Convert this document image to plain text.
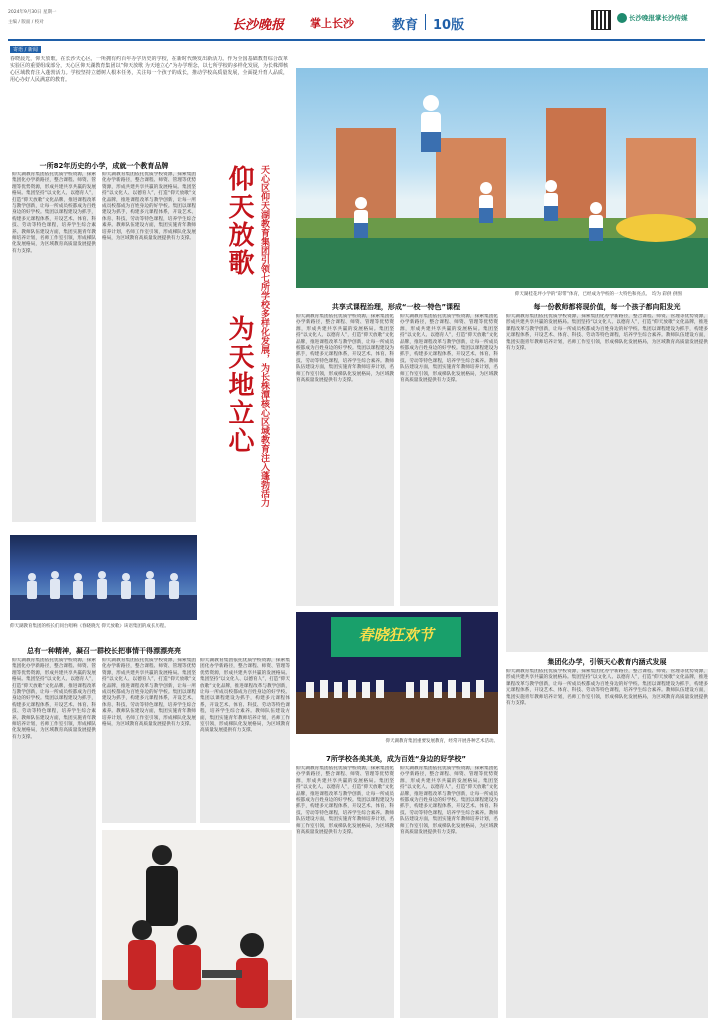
2024年9月30日 星期一
主编 / 版面 / 校对	长沙晚报 掌上长沙	教育 10版	长沙晚报掌长沙传媒
寄语 / 新闻
春晓晨光，仰天放歌。在长沙天心区，一所拥有约百年办学历史的学校，在新时代焕发出新活力。作为全国基础教育综合改革实验区的重要组成部分，天心区仰天湖教育集团以“仰天放歌 为天地立心”为办学理念，以七所学校的多样化发展，为长株潭核心区域教育注入蓬勃活力。学校坚持立德树人根本任务，关注每一个孩子的成长，推动学校高质量发展，全面提升育人品质，用心办好人民满意的教育。
仰天放歌
为天地立心 天心区仰天湖教育集团引领七所学校多样化发展，为长株潭核心区域教育注入蓬勃活力
一所82年历史的小学，成就一个教育品牌
仰天湖教育集团依托优质学校资源，探索集团化办学新路径，整合课程、师资、管理等优势资源，形成共建共享共赢的发展格局。集团坚持“以文化人、以德育人”，打造“仰天放歌”文化品牌，推进课程改革与教学创新，让每一所成员校都成为百姓身边的好学校。集团以课程建设为抓手，构建多元课程体系，开设艺术、体育、科技、劳动等特色课程，培养学生综合素养。教师队伍建设方面，集团实施青年教师培养计划，名师工作室引领，形成梯队化发展格局，为区域教育高质量发展提供有力支撑。
仰天湖教育集团依托优质学校资源，探索集团化办学新路径，整合课程、师资、管理等优势资源，形成共建共享共赢的发展格局。集团坚持“以文化人、以德育人”，打造“仰天放歌”文化品牌，推进课程改革与教学创新，让每一所成员校都成为百姓身边的好学校。集团以课程建设为抓手，构建多元课程体系，开设艺术、体育、科技、劳动等特色课程，培养学生综合素养。教师队伍建设方面，集团实施青年教师培养计划，名师工作室引领，形成梯队化发展格局，为区域教育高质量发展提供有力支撑。
仰天湖教育集团的校长们同台唱响《春晓晓光 仰天放歌》该语集团的成长历程。
总有一种精神，凝召一群校长把事情干得漂漂亮亮
仰天湖教育集团依托优质学校资源，探索集团化办学新路径，整合课程、师资、管理等优势资源，形成共建共享共赢的发展格局。集团坚持“以文化人、以德育人”，打造“仰天放歌”文化品牌，推进课程改革与教学创新，让每一所成员校都成为百姓身边的好学校。集团以课程建设为抓手，构建多元课程体系，开设艺术、体育、科技、劳动等特色课程，培养学生综合素养。教师队伍建设方面，集团实施青年教师培养计划，名师工作室引领，形成梯队化发展格局，为区域教育高质量发展提供有力支撑。
仰天湖教育集团依托优质学校资源，探索集团化办学新路径，整合课程、师资、管理等优势资源，形成共建共享共赢的发展格局。集团坚持“以文化人、以德育人”，打造“仰天放歌”文化品牌，推进课程改革与教学创新，让每一所成员校都成为百姓身边的好学校。集团以课程建设为抓手，构建多元课程体系，开设艺术、体育、科技、劳动等特色课程，培养学生综合素养。教师队伍建设方面，集团实施青年教师培养计划，名师工作室引领，形成梯队化发展格局，为区域教育高质量发展提供有力支撑。
仰天湖教育集团依托优质学校资源，探索集团化办学新路径，整合课程、师资、管理等优势资源，形成共建共享共赢的发展格局。集团坚持“以文化人、以德育人”，打造“仰天放歌”文化品牌，推进课程改革与教学创新，让每一所成员校都成为百姓身边的好学校。集团以课程建设为抓手，构建多元课程体系，开设艺术、体育、科技、劳动等特色课程，培养学生综合素养。教师队伍建设方面，集团实施青年教师培养计划，名师工作室引领，形成梯队化发展格局，为区域教育高质量发展提供有力支撑。
仰天湖桂花坪小学的“彩带”体育，已经成为学校的一大特色和亮点。 均为 彩供 供图
共享式课程治理，形成“一校一特色”课程
仰天湖教育集团依托优质学校资源，探索集团化办学新路径，整合课程、师资、管理等优势资源，形成共建共享共赢的发展格局。集团坚持“以文化人、以德育人”，打造“仰天放歌”文化品牌，推进课程改革与教学创新，让每一所成员校都成为百姓身边的好学校。集团以课程建设为抓手，构建多元课程体系，开设艺术、体育、科技、劳动等特色课程，培养学生综合素养。教师队伍建设方面，集团实施青年教师培养计划，名师工作室引领，形成梯队化发展格局，为区域教育高质量发展提供有力支撑。
仰天湖教育集团依托优质学校资源，探索集团化办学新路径，整合课程、师资、管理等优势资源，形成共建共享共赢的发展格局。集团坚持“以文化人、以德育人”，打造“仰天放歌”文化品牌，推进课程改革与教学创新，让每一所成员校都成为百姓身边的好学校。集团以课程建设为抓手，构建多元课程体系，开设艺术、体育、科技、劳动等特色课程，培养学生综合素养。教师队伍建设方面，集团实施青年教师培养计划，名师工作室引领，形成梯队化发展格局，为区域教育高质量发展提供有力支撑。
春晓狂欢节
仰天湖教育集团重要发展教育，经常开展各种艺术活动。
7所学校各美其美，成为百姓“身边的好学校”
仰天湖教育集团依托优质学校资源，探索集团化办学新路径，整合课程、师资、管理等优势资源，形成共建共享共赢的发展格局。集团坚持“以文化人、以德育人”，打造“仰天放歌”文化品牌，推进课程改革与教学创新，让每一所成员校都成为百姓身边的好学校。集团以课程建设为抓手，构建多元课程体系，开设艺术、体育、科技、劳动等特色课程，培养学生综合素养。教师队伍建设方面，集团实施青年教师培养计划，名师工作室引领，形成梯队化发展格局，为区域教育高质量发展提供有力支撑。
仰天湖教育集团依托优质学校资源，探索集团化办学新路径，整合课程、师资、管理等优势资源，形成共建共享共赢的发展格局。集团坚持“以文化人、以德育人”，打造“仰天放歌”文化品牌，推进课程改革与教学创新，让每一所成员校都成为百姓身边的好学校。集团以课程建设为抓手，构建多元课程体系，开设艺术、体育、科技、劳动等特色课程，培养学生综合素养。教师队伍建设方面，集团实施青年教师培养计划，名师工作室引领，形成梯队化发展格局，为区域教育高质量发展提供有力支撑。
每一份教师都将现价值，每一个孩子都向阳发光
仰天湖教育集团依托优质学校资源，探索集团化办学新路径，整合课程、师资、管理等优势资源，形成共建共享共赢的发展格局。集团坚持“以文化人、以德育人”，打造“仰天放歌”文化品牌，推进课程改革与教学创新，让每一所成员校都成为百姓身边的好学校。集团以课程建设为抓手，构建多元课程体系，开设艺术、体育、科技、劳动等特色课程，培养学生综合素养。教师队伍建设方面，集团实施青年教师培养计划，名师工作室引领，形成梯队化发展格局，为区域教育高质量发展提供有力支撑。
集团化办学，引领天心教育内涵式发展
仰天湖教育集团依托优质学校资源，探索集团化办学新路径，整合课程、师资、管理等优势资源，形成共建共享共赢的发展格局。集团坚持“以文化人、以德育人”，打造“仰天放歌”文化品牌，推进课程改革与教学创新，让每一所成员校都成为百姓身边的好学校。集团以课程建设为抓手，构建多元课程体系，开设艺术、体育、科技、劳动等特色课程，培养学生综合素养。教师队伍建设方面，集团实施青年教师培养计划，名师工作室引领，形成梯队化发展格局，为区域教育高质量发展提供有力支撑。
